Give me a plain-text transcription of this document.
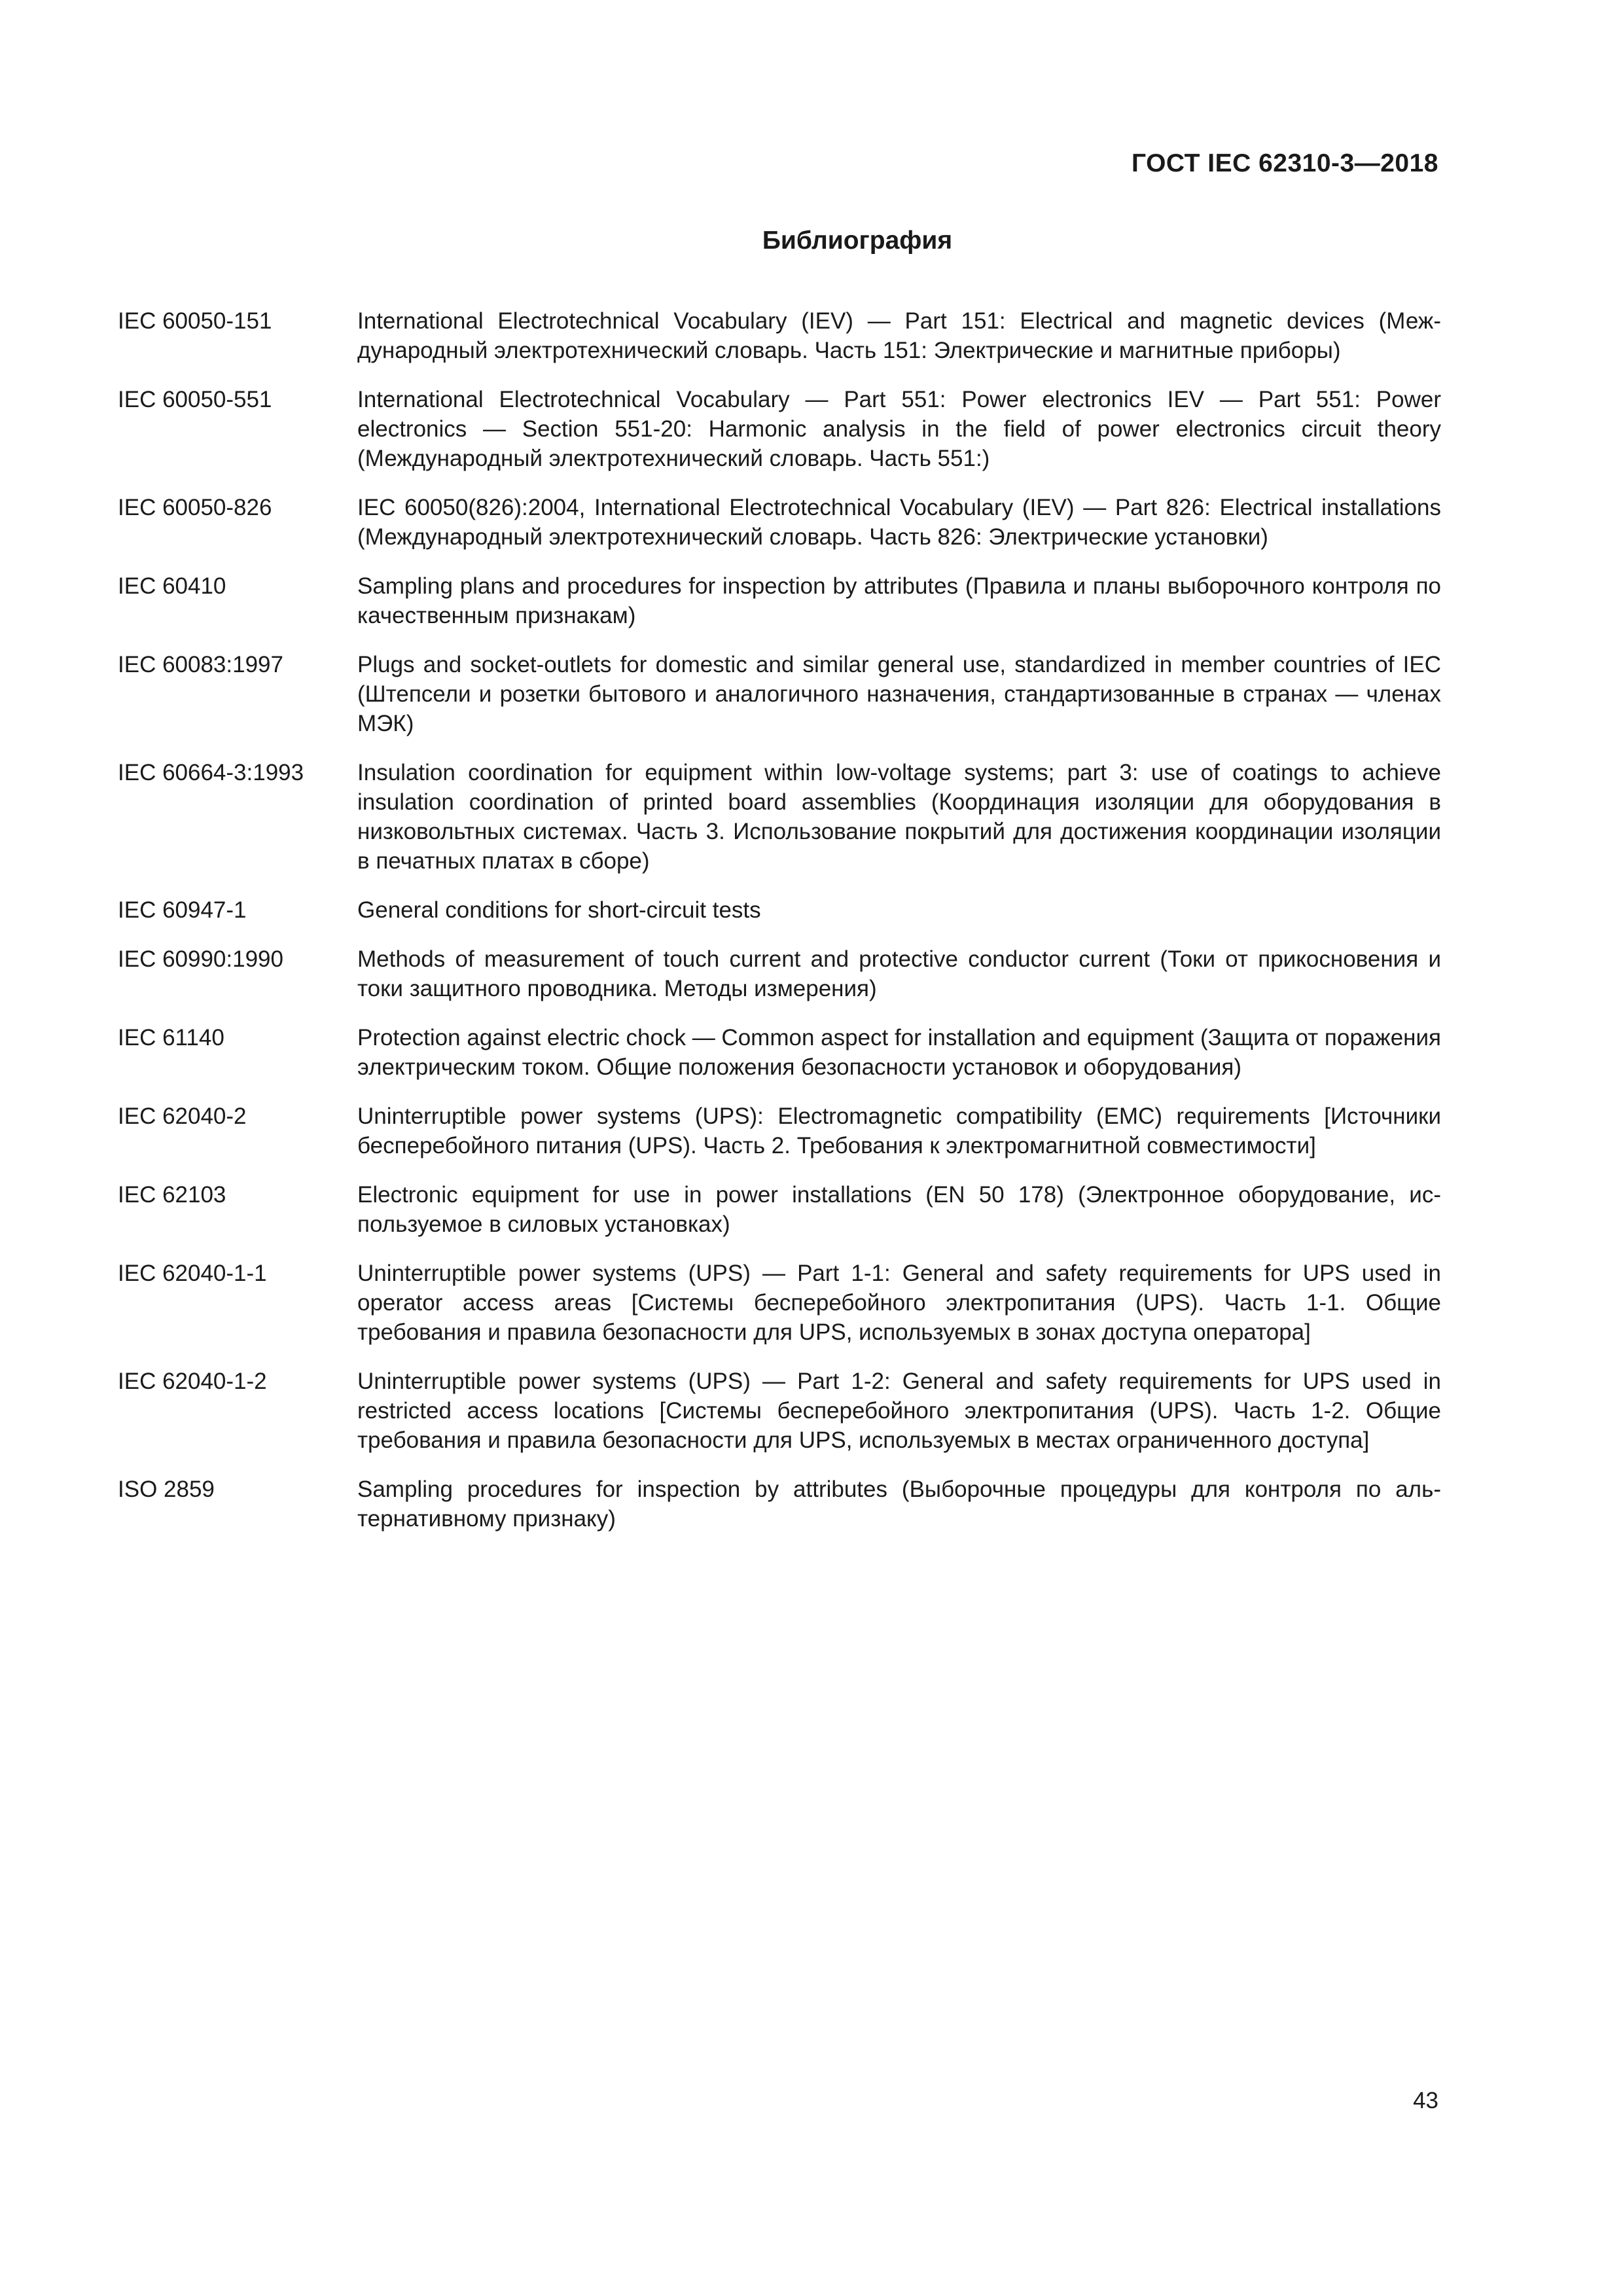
ГОСТ IEC 62310-3—2018
Библиография
IEC 60050-151	International Electrotechnical Vocabulary (IEV) — Part 151: Electrical and magnetic devices (Международный электротехнический словарь. Часть 151: Электрические и магнитные приборы)
IEC 60050-551	International Electrotechnical Vocabulary — Part 551: Power electronics IEV — Part 551: Power electronics — Section 551-20: Harmonic analysis in the field of power electronics circuit theory (Международный электротехнический словарь. Часть 551:)
IEC 60050-826	IEC 60050(826):2004, International Electrotechnical Vocabulary (IEV) — Part 826: Electrical installations (Международный электротехнический словарь. Часть 826: Электрические установки)
IEC 60410	Sampling plans and procedures for inspection by attributes (Правила и планы выборочного контроля по качественным признакам)
IEC 60083:1997	Plugs and socket-outlets for domestic and similar general use, standardized in member countries of IEC (Штепсели и розетки бытового и аналогичного назначения, стандартизованные в странах — членах МЭК)
IEC 60664-3:1993	Insulation coordination for equipment within low-voltage systems; part 3: use of coatings to achieve insulation coordination of printed board assemblies (Координация изоляции для оборудования в низковольтных системах. Часть 3. Использование покрытий для достижения координации изоляции в печатных платах в сборе)
IEC 60947-1	General conditions for short-circuit tests
IEC 60990:1990	Methods of measurement of touch current and protective conductor current (Токи от прикосновения и токи защитного проводника. Методы измерения)
IEC 61140	Protection against electric chock — Common aspect for installation and equipment (Защита от поражения электрическим током. Общие положения безопасности установок и оборудования)
IEC 62040-2	Uninterruptible power systems (UPS): Electromagnetic compatibility (EMC) requirements [Источники бесперебойного питания (UPS). Часть 2. Требования к электромагнитной совместимости]
IEC 62103	Electronic equipment for use in power installations (EN 50 178) (Электронное оборудование, используемое в силовых установках)
IEC 62040-1-1	Uninterruptible power systems (UPS) — Part 1-1: General and safety requirements for UPS used in operator access areas [Системы бесперебойного электропитания (UPS). Часть 1-1. Общие требования и правила безопасности для UPS, используемых в зонах доступа оператора]
IEC 62040-1-2	Uninterruptible power systems (UPS) — Part 1-2: General and safety requirements for UPS used in restricted access locations [Системы бесперебойного электропитания (UPS). Часть 1-2. Общие требования и правила безопасности для UPS, используемых в местах ограниченного доступа]
ISO 2859	Sampling procedures for inspection by attributes (Выборочные процедуры для контроля по альтернативному признаку)
43
